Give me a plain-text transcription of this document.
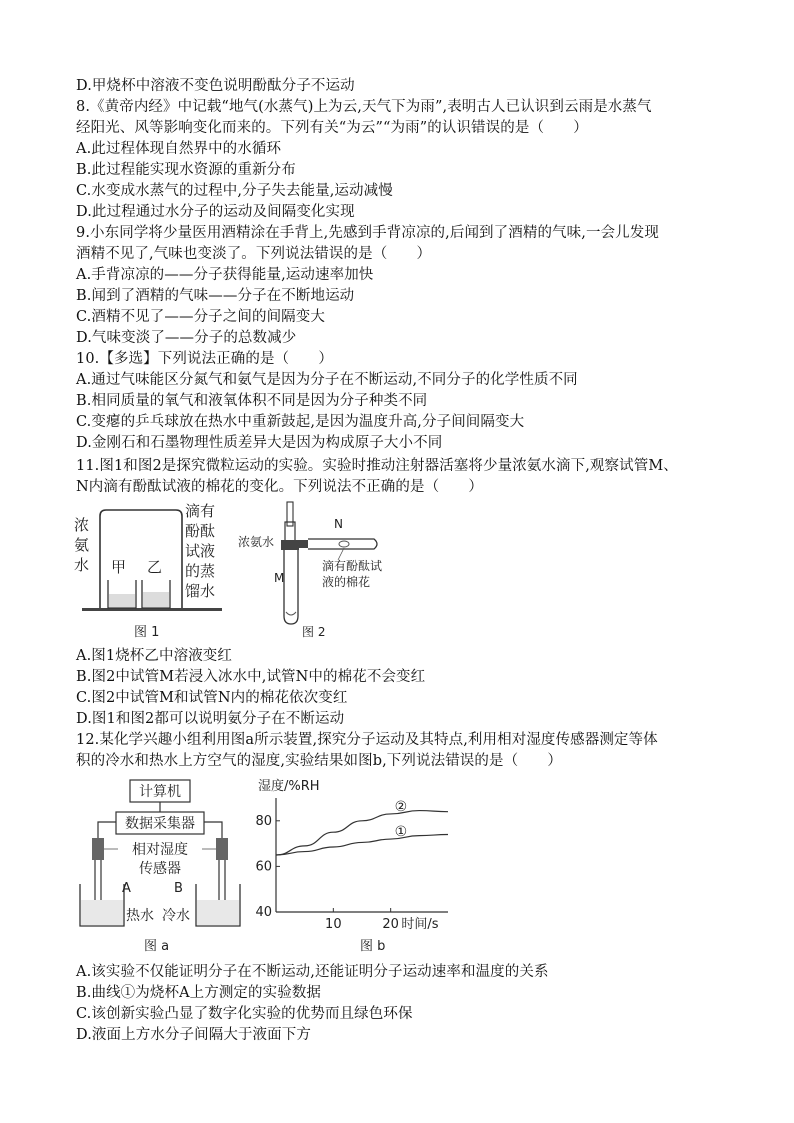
D.甲烧杯中溶液不变色说明酚酞分子不运动
8.《黄帝内经》中记载“地气(水蒸气)上为云,天气下为雨”,表明古人已认识到云雨是水蒸气
经阳光、风等影响变化而来的。下列有关“为云”“为雨”的认识错误的是（　　）
A.此过程体现自然界中的水循环
B.此过程能实现水资源的重新分布
C.水变成水蒸气的过程中,分子失去能量,运动减慢
D.此过程通过水分子的运动及间隔变化实现
9.小东同学将少量医用酒精涂在手背上,先感到手背凉凉的,后闻到了酒精的气味,一会儿发现
酒精不见了,气味也变淡了。下列说法错误的是（　　）
A.手背凉凉的——分子获得能量,运动速率加快
B.闻到了酒精的气味——分子在不断地运动
C.酒精不见了——分子之间的间隔变大
D.气味变淡了——分子的总数减少
10.【多选】下列说法正确的是（　　）
A.通过气味能区分氮气和氨气是因为分子在不断运动,不同分子的化学性质不同
B.相同质量的氧气和液氧体积不同是因为分子种类不同
C.变瘪的乒乓球放在热水中重新鼓起,是因为温度升高,分子间间隔变大
D.金刚石和石墨物理性质差异大是因为构成原子大小不同
11.图1和图2是探究微粒运动的实验。实验时推动注射器活塞将少量浓氨水滴下,观察试管M、
N内滴有酚酞试液的棉花的变化。下列说法不正确的是（　　）
浓
氨
水
滴有
酚酞
试液
的蒸
馏水
甲 乙
图 1
浓氨水
N
M
滴有酚酞试
液的棉花
图 2
A.图1烧杯乙中溶液变红
B.图2中试管M若浸入冰水中,试管N中的棉花不会变红
C.图2中试管M和试管N内的棉花依次变红
D.图1和图2都可以说明氨分子在不断运动
12.某化学兴趣小组利用图a所示装置,探究分子运动及其特点,利用相对湿度传感器测定等体
积的冷水和热水上方空气的湿度,实验结果如图b,下列说法错误的是（　　）
计算机
数据采集器
相对湿度
传感器
A	B
热水 冷水
图 a
湿度/%RH
时间/s
40
60
80
10	20
②
①
图 b
A.该实验不仅能证明分子在不断运动,还能证明分子运动速率和温度的关系
B.曲线①为烧杯A上方测定的实验数据
C.该创新实验凸显了数字化实验的优势而且绿色环保
D.液面上方水分子间隔大于液面下方
